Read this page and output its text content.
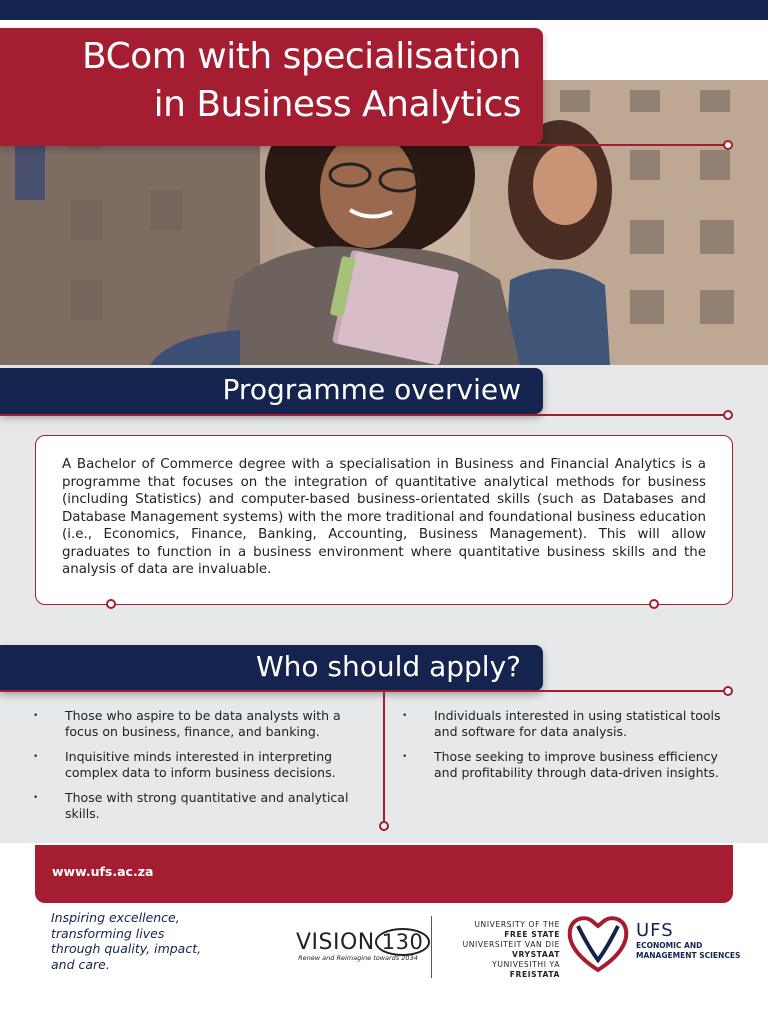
BCom with specialisation
in Business Analytics
Programme overview

A Bachelor of Commerce degree with a specialisation in Business and Financial Analytics is a programme that focuses on the integration of quantitative analytical methods for business (including Statistics) and computer-based business-orientated skills (such as Databases and Database Management systems) with the more traditional and foundational business education (i.e., Economics, Finance, Banking, Accounting, Business Management). This will allow graduates to function in a business environment where quantitative business skills and the analysis of data are invaluable.

Who should apply?
• Those who aspire to be data analysts with a focus on business, finance, and banking.
• Inquisitive minds interested in interpreting complex data to inform business decisions.
• Those with strong quantitative and analytical skills.
• Individuals interested in using statistical tools and software for data analysis.
• Those seeking to improve business efficiency and profitability through data-driven insights.
www.ufs.ac.za
Inspiring excellence, transforming lives through quality, impact, and care.
VISION 130
Renew and Reimagine towards 2034
UNIVERSITY OF THE
FREE STATE
UNIVERSITEIT VAN DIE
VRYSTAAT
YUNIVESITHI YA
FREISTATA
UFS
ECONOMIC AND
MANAGEMENT SCIENCES
